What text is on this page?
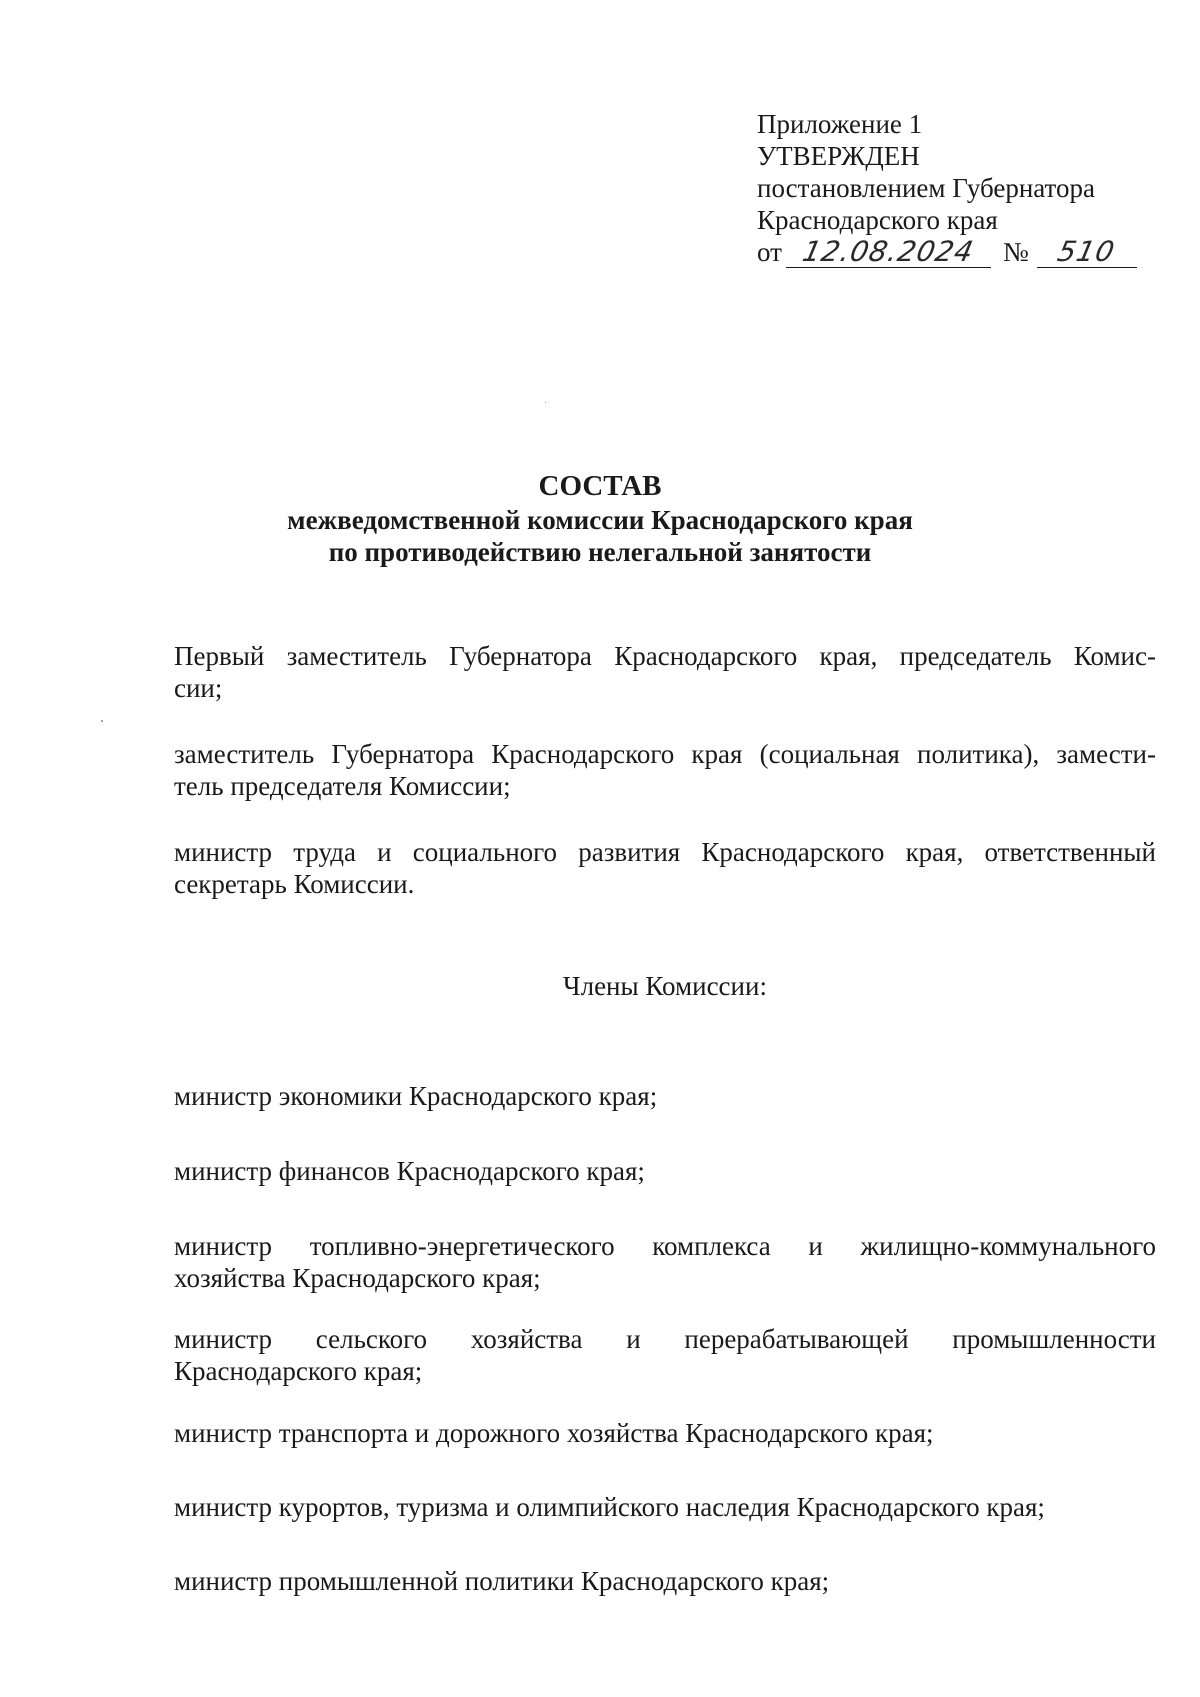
Приложение 1

УТВЕРЖДЕН

постановлением Губернатора

Краснодарского края

от 12.08.2024 № 510
СОСТАВ
межведомственной комиссии Краснодарского края
по противодействию нелегальной занятости
Первый заместитель Губернатора Краснодарского края, председатель Комис-
сии;
заместитель Губернатора Краснодарского края (социальная политика), замести-
тель председателя Комиссии;
министр труда и социального развития Краснодарского края, ответственный
секретарь Комиссии.
Члены Комиссии:
министр экономики Краснодарского края;
министр финансов Краснодарского края;
министр топливно-энергетического комплекса и жилищно-коммунального
хозяйства Краснодарского края;
министр сельского хозяйства и перерабатывающей промышленности
Краснодарского края;
министр транспорта и дорожного хозяйства Краснодарского края;
министр курортов, туризма и олимпийского наследия Краснодарского края;
министр промышленной политики Краснодарского края;
